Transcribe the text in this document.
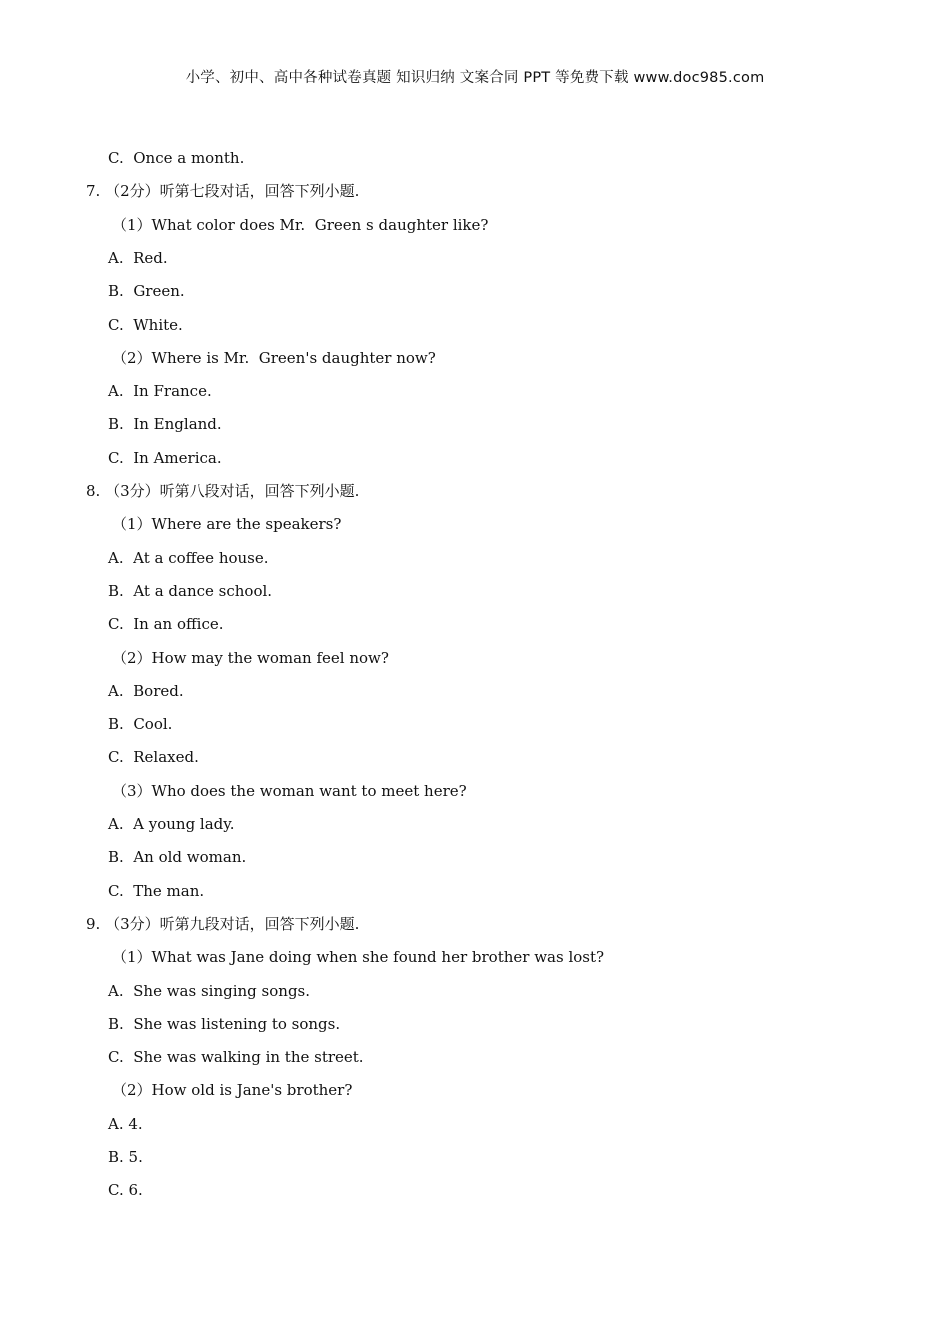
小学、初中、高中各种试卷真题 知识归纳 文案合同 PPT 等免费下载 www.doc985.com
C.  Once a month.
7. （2分）听第七段对话，回答下列小题.
（1）What color does Mr.  Green s daughter like?
A.  Red.
B.  Green.
C.  White.
（2）Where is Mr.  Green's daughter now?
A.  In France.
B.  In England.
C.  In America.
8. （3分）听第八段对话，回答下列小题.
（1）Where are the speakers?
A.  At a coffee house.
B.  At a dance school.
C.  In an office.
（2）How may the woman feel now?
A.  Bored.
B.  Cool.
C.  Relaxed.
（3）Who does the woman want to meet here?
A.  A young lady.
B.  An old woman.
C.  The man.
9. （3分）听第九段对话，回答下列小题.
（1）What was Jane doing when she found her brother was lost?
A.  She was singing songs.
B.  She was listening to songs.
C.  She was walking in the street.
（2）How old is Jane's brother?
A. 4.
B. 5.
C. 6.
